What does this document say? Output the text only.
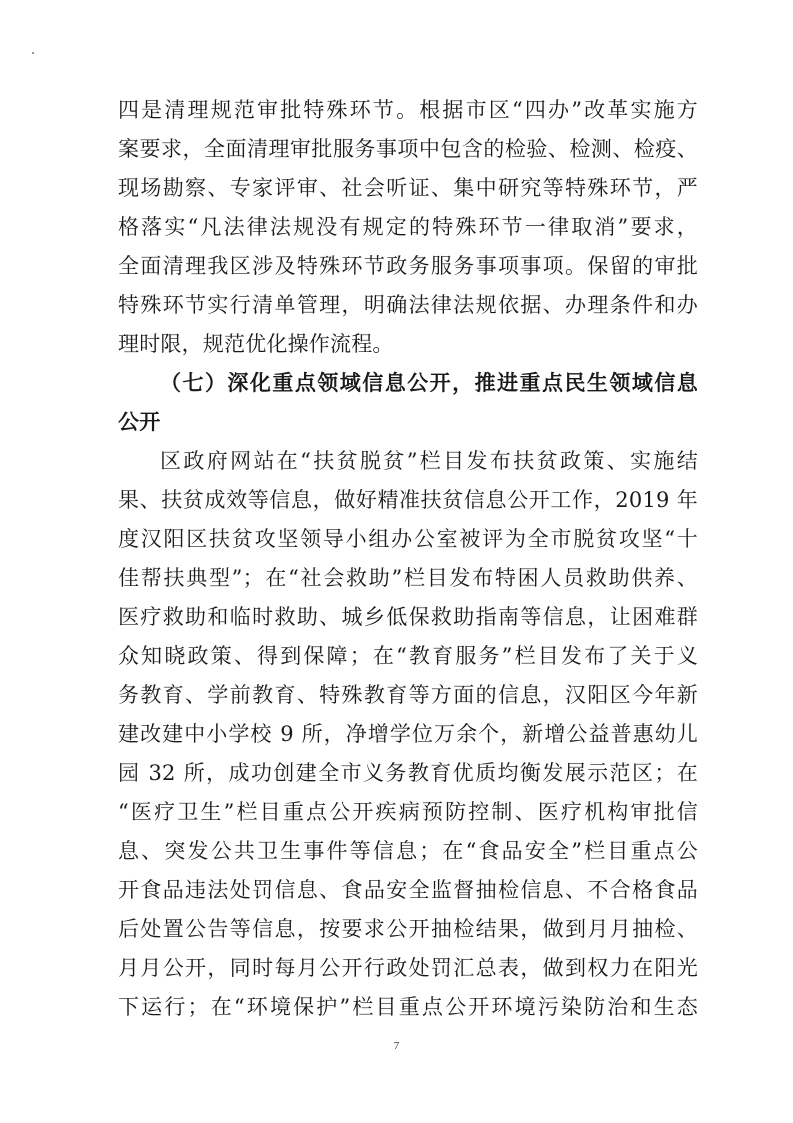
四是清理规范审批特殊环节。根据市区“四办”改革实施方
案要求，全面清理审批服务事项中包含的检验、检测、检疫、
现场勘察、专家评审、社会听证、集中研究等特殊环节，严
格落实“凡法律法规没有规定的特殊环节一律取消”要求，
全面清理我区涉及特殊环节政务服务事项事项。保留的审批
特殊环节实行清单管理，明确法律法规依据、办理条件和办
理时限，规范优化操作流程。
（七）深化重点领域信息公开，推进重点民生领域信息
公开
区政府网站在“扶贫脱贫”栏目发布扶贫政策、实施结
果、扶贫成效等信息，做好精准扶贫信息公开工作，2019 年
度汉阳区扶贫攻坚领导小组办公室被评为全市脱贫攻坚“十
佳帮扶典型”；在“社会救助”栏目发布特困人员救助供养、
医疗救助和临时救助、城乡低保救助指南等信息，让困难群
众知晓政策、得到保障；在“教育服务”栏目发布了关于义
务教育、学前教育、特殊教育等方面的信息，汉阳区今年新
建改建中小学校 9 所，净增学位万余个，新增公益普惠幼儿
园 32 所，成功创建全市义务教育优质均衡发展示范区；在
“医疗卫生”栏目重点公开疾病预防控制、医疗机构审批信
息、突发公共卫生事件等信息；在“食品安全”栏目重点公
开食品违法处罚信息、食品安全监督抽检信息、不合格食品
后处置公告等信息，按要求公开抽检结果，做到月月抽检、
月月公开，同时每月公开行政处罚汇总表，做到权力在阳光
下运行；在“环境保护”栏目重点公开环境污染防治和生态
7
